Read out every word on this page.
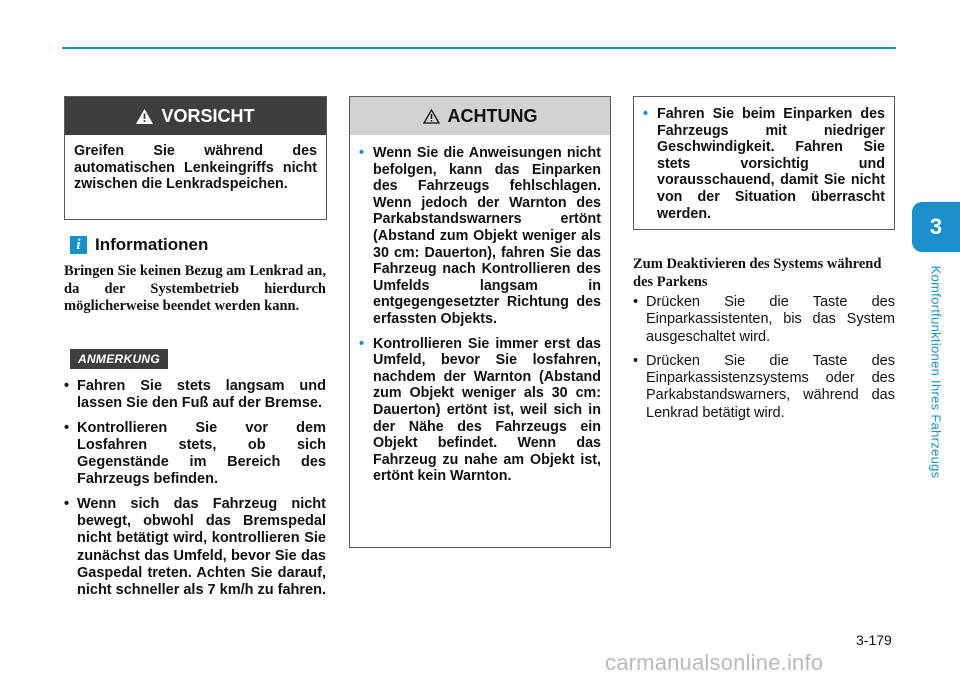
3
Komfortfunktionen Ihres Fahrzeugs
VORSICHT
Greifen Sie während des automatischen Lenkeingriffs nicht zwischen die Lenkradspeichen.
i Informationen
Bringen Sie keinen Bezug am Lenkrad an, da der Systembetrieb hierdurch möglicherweise beendet werden kann.
ANMERKUNG
• Fahren Sie stets langsam und lassen Sie den Fuß auf der Bremse.
• Kontrollieren Sie vor dem Losfahren stets, ob sich Gegenstände im Bereich des Fahrzeugs befinden.
• Wenn sich das Fahrzeug nicht bewegt, obwohl das Bremspedal nicht betätigt wird, kontrollieren Sie zunächst das Umfeld, bevor Sie das Gaspedal treten. Achten Sie darauf, nicht schneller als 7 km/h zu fahren.
ACHTUNG
• Wenn Sie die Anweisungen nicht befolgen, kann das Einparken des Fahrzeugs fehlschlagen. Wenn jedoch der Warnton des Parkabstandswarners ertönt (Abstand zum Objekt weniger als 30 cm: Dauerton), fahren Sie das Fahrzeug nach Kontrollieren des Umfelds langsam in entgegengesetzter Richtung des erfassten Objekts.
• Kontrollieren Sie immer erst das Umfeld, bevor Sie losfahren, nachdem der Warnton (Abstand zum Objekt weniger als 30 cm: Dauerton) ertönt ist, weil sich in der Nähe des Fahrzeugs ein Objekt befindet. Wenn das Fahrzeug zu nahe am Objekt ist, ertönt kein Warnton.
• Fahren Sie beim Einparken des Fahrzeugs mit niedriger Geschwindigkeit. Fahren Sie stets vorsichtig und vorausschauend, damit Sie nicht von der Situation überrascht werden.
Zum Deaktivieren des Systems während des Parkens
• Drücken Sie die Taste des Einparkassistenten, bis das System ausgeschaltet wird.
• Drücken Sie die Taste des Einparkassistenzsystems oder des Parkabstandswarners, während das Lenkrad betätigt wird.
3-179
carmanualsonline.info
